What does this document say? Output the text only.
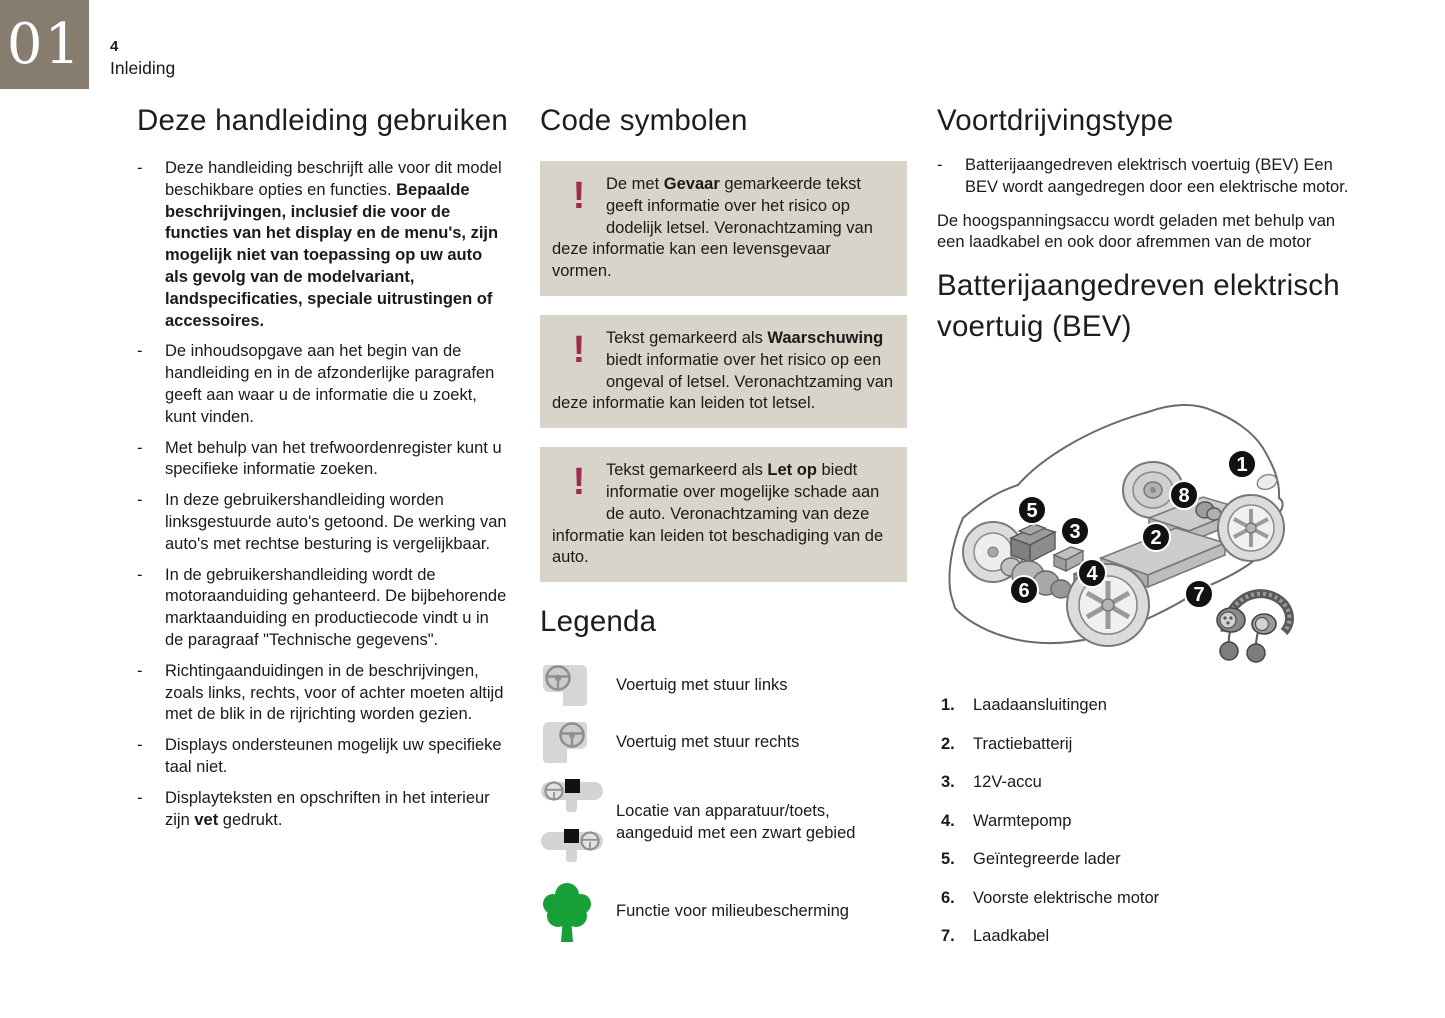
01 4
Inleiding
Deze handleiding gebruiken
-	Deze handleiding beschrijft alle voor dit model beschikbare opties en functies. Bepaalde beschrijvingen, inclusief die voor de functies van het display en de menu's, zijn mogelijk niet van toepassing op uw auto als gevolg van de modelvariant, landspecificaties, speciale uitrustingen of accessoires.
-	De inhoudsopgave aan het begin van de handleiding en in de afzonderlijke paragrafen geeft aan waar u de informatie die u zoekt, kunt vinden.
-	Met behulp van het trefwoordenregister kunt u specifieke informatie zoeken.
-	In deze gebruikershandleiding worden linksgestuurde auto's getoond. De werking van auto's met rechtse besturing is vergelijkbaar.
-	In de gebruikershandleiding wordt de motoraanduiding gehanteerd. De bijbehorende marktaanduiding en productiecode vindt u in de paragraaf "Technische gegevens".
-	Richtingaanduidingen in de beschrijvingen, zoals links, rechts, voor of achter moeten altijd met de blik in de rijrichting worden gezien.
-	Displays ondersteunen mogelijk uw specifieke taal niet.
-	Displayteksten en opschriften in het interieur zijn vet gedrukt.
Code symbolen
!	De met Gevaar gemarkeerde tekst geeft informatie over het risico op dodelijk letsel. Veronachtzaming van deze informatie kan een levensgevaar vormen.
!	Tekst gemarkeerd als Waarschuwing biedt informatie over het risico op een ongeval of letsel. Veronachtzaming van deze informatie kan leiden tot letsel.
!	Tekst gemarkeerd als Let op biedt informatie over mogelijke schade aan de auto. Veronachtzaming van deze informatie kan leiden tot beschadiging van de auto.
Legenda
Voertuig met stuur links
Voertuig met stuur rechts
Locatie van apparatuur/toets, aangeduid met een zwart gebied
Functie voor milieubescherming
Voortdrijvingstype
-	Batterijaangedreven elektrisch voertuig (BEV) Een BEV wordt aangedregen door een elektrische motor.
De hoogspanningsaccu wordt geladen met behulp van een laadkabel en ook door afremmen van de motor
Batterijaangedreven elektrisch voertuig (BEV)
1
8
5
3	2
4
6	7
1.	Laadaansluitingen
2.	Tractiebatterij
3.	12V-accu
4.	Warmtepomp
5.	Geïntegreerde lader
6.	Voorste elektrische motor
7.	Laadkabel
